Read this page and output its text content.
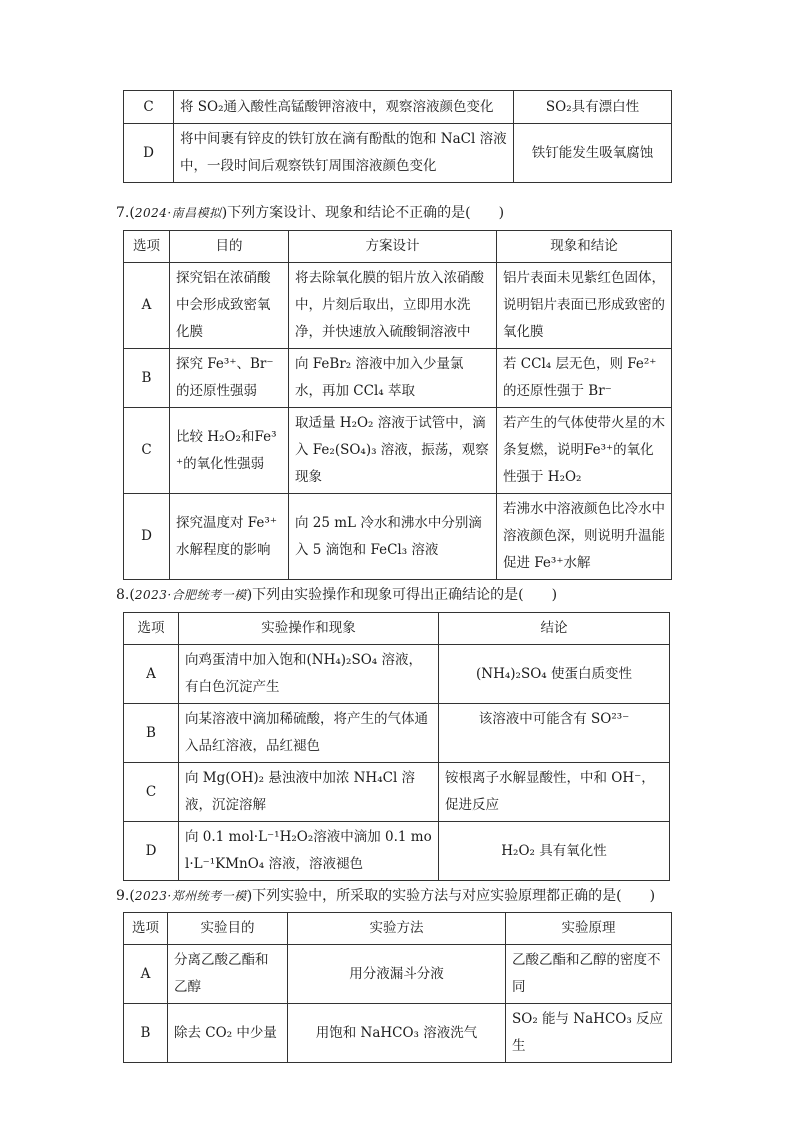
C	将 SO₂通入酸性高锰酸钾溶液中，观察溶液颜色变化	SO₂具有漂白性
D	将中间裹有锌皮的铁钉放在滴有酚酞的饱和 NaCl 溶液中，一段时间后观察铁钉周围溶液颜色变化	铁钉能发生吸氧腐蚀
7.(2024·南昌模拟)下列方案设计、现象和结论不正确的是(　　)
选项	目的	方案设计	现象和结论
A	探究铝在浓硝酸中会形成致密氧化膜	将去除氧化膜的铝片放入浓硝酸中，片刻后取出，立即用水洗净，并快速放入硫酸铜溶液中	铝片表面未见紫红色固体，说明铝片表面已形成致密的氧化膜
B	探究 Fe³⁺、Br⁻的还原性强弱	向 FeBr₂ 溶液中加入少量氯水，再加 CCl₄ 萃取	若 CCl₄ 层无色，则 Fe²⁺的还原性强于 Br⁻
C	比较 H₂O₂和Fe³⁺的氧化性强弱	取适量 H₂O₂ 溶液于试管中，滴入 Fe₂(SO₄)₃ 溶液，振荡，观察现象	若产生的气体使带火星的木条复燃，说明Fe³⁺的氧化性强于 H₂O₂
D	探究温度对 Fe³⁺水解程度的影响	向 25 mL 冷水和沸水中分别滴入 5 滴饱和 FeCl₃ 溶液	若沸水中溶液颜色比冷水中溶液颜色深，则说明升温能促进 Fe³⁺水解
8.(2023·合肥统考一模)下列由实验操作和现象可得出正确结论的是(　　)
选项	实验操作和现象	结论
A	向鸡蛋清中加入饱和(NH₄)₂SO₄ 溶液，有白色沉淀产生	(NH₄)₂SO₄ 使蛋白质变性
B	向某溶液中滴加稀硫酸，将产生的气体通入品红溶液，品红褪色	该溶液中可能含有 SO²³⁻
C	向 Mg(OH)₂ 悬浊液中加浓 NH₄Cl 溶液，沉淀溶解	铵根离子水解显酸性，中和 OH⁻，促进反应
D	向 0.1 mol·L⁻¹H₂O₂溶液中滴加 0.1 mol·L⁻¹KMnO₄ 溶液，溶液褪色	H₂O₂ 具有氧化性
9.(2023·郑州统考一模)下列实验中，所采取的实验方法与对应实验原理都正确的是(　　)
选项	实验目的	实验方法	实验原理
A	分离乙酸乙酯和乙醇	用分液漏斗分液	乙酸乙酯和乙醇的密度不同
B	除去 CO₂ 中少量	用饱和 NaHCO₃ 溶液洗气	SO₂ 能与 NaHCO₃ 反应生
